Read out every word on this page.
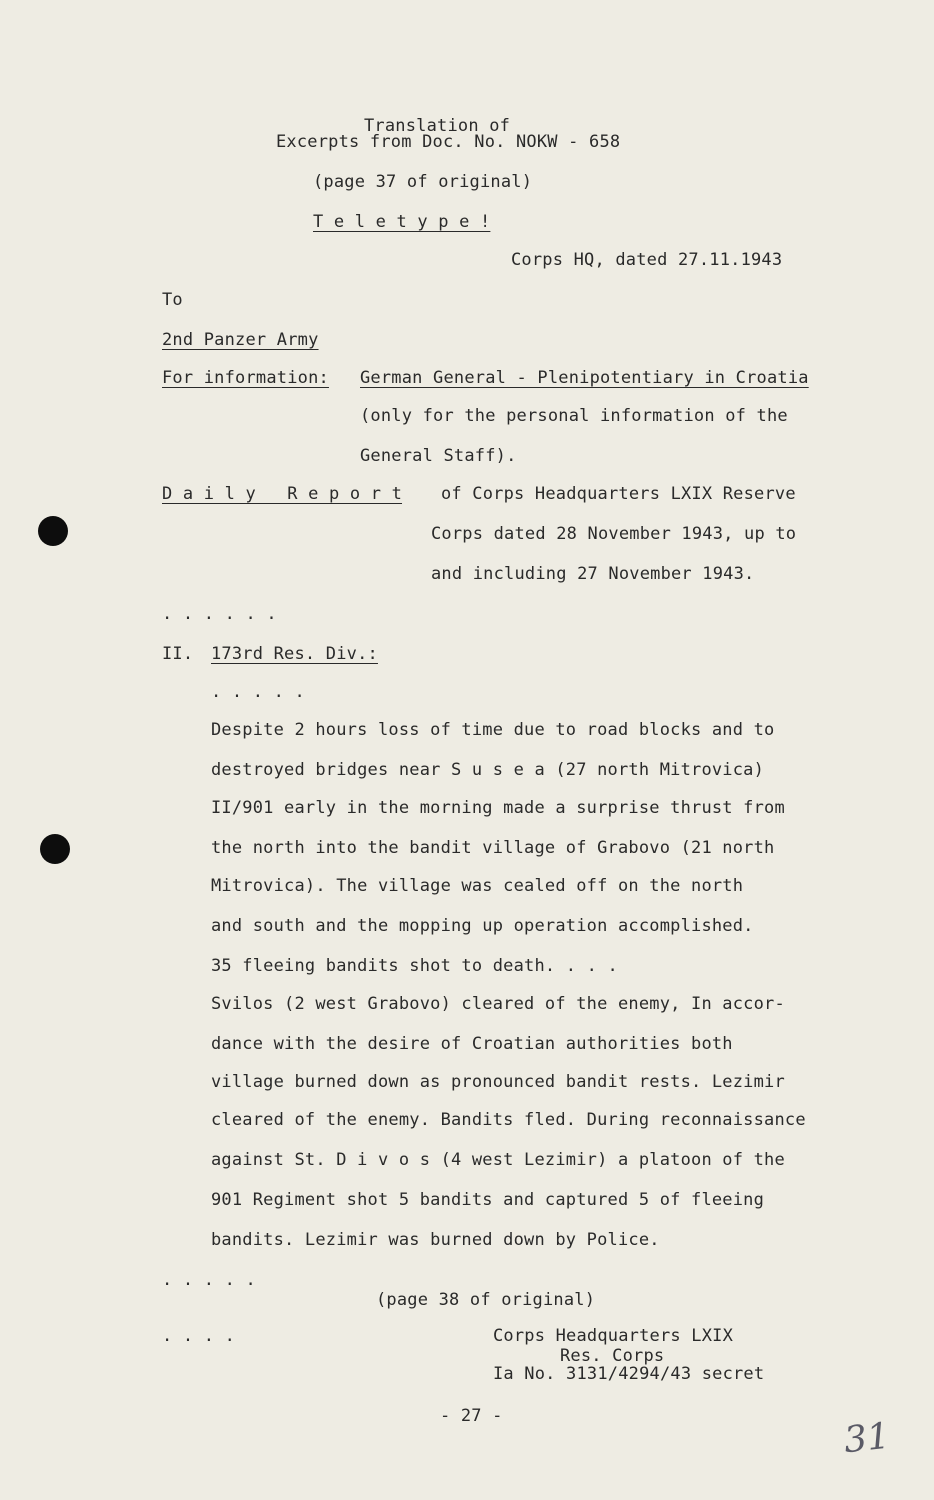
Translation of
Excerpts from Doc. No. NOKW - 658
(page 37 of original)
T e l e t y p e !
Corps HQ, dated 27.11.1943
To
2nd Panzer Army
For information: German General - Plenipotentiary in Croatia
(only for the personal information of the
General Staff).
D a i l y   R e p o r t of Corps Headquarters LXIX Reserve
Corps dated 28 November 1943, up to
and including 27 November 1943.
. . . . . .
II. 173rd Res. Div.:
. . . . .
Despite 2 hours loss of time due to road blocks and to
destroyed bridges near S u s e a (27 north Mitrovica)
II/901 early in the morning made a surprise thrust from
the north into the bandit village of Grabovo (21 north
Mitrovica). The village was cealed off on the north
and south and the mopping up operation accomplished.
35 fleeing bandits shot to death. . . .
Svilos (2 west Grabovo) cleared of the enemy, In accor-
dance with the desire of Croatian authorities both
village burned down as pronounced bandit rests. Lezimir
cleared of the enemy. Bandits fled. During reconnaissance
against St. D i v o s (4 west Lezimir) a platoon of the
901 Regiment shot 5 bandits and captured 5 of fleeing
bandits. Lezimir was burned down by Police.
. . . . .
(page 38 of original)
. . . .	Corps Headquarters LXIX
Res. Corps
Ia No. 3131/4294/43 secret
- 27 -	31
